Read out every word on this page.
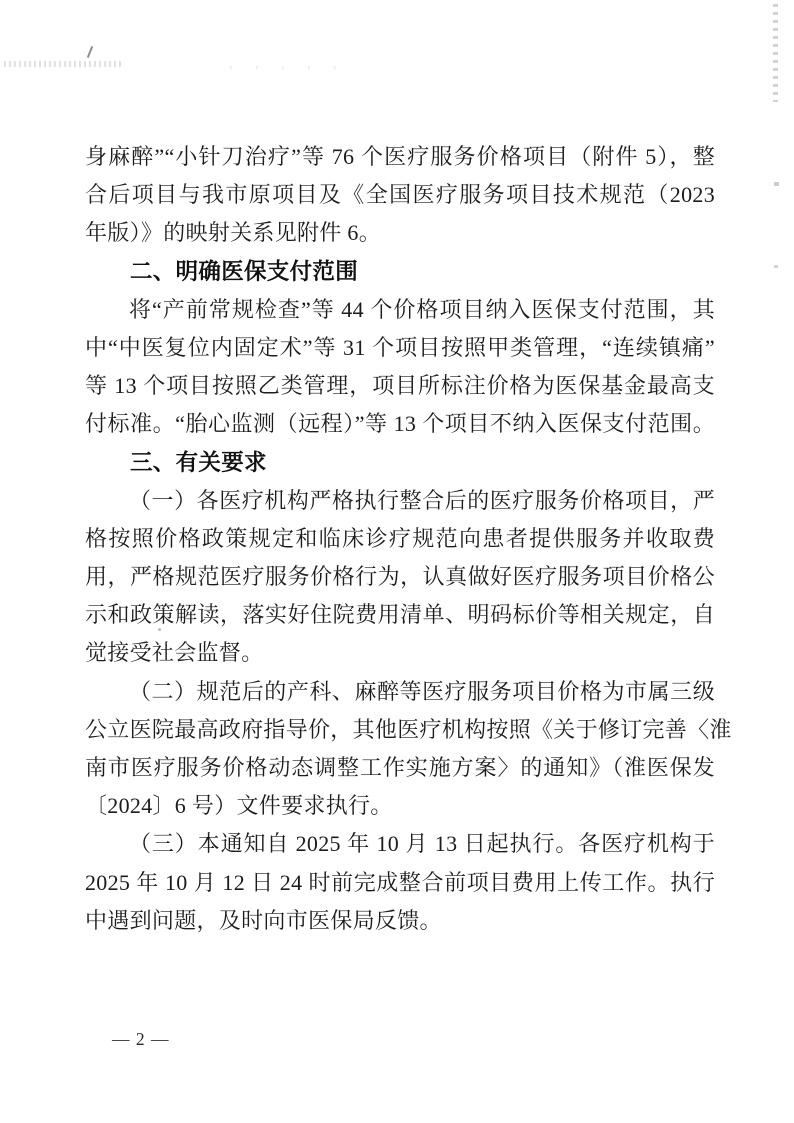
身麻醉”“小针刀治疗”等 76 个医疗服务价格项目（附件 5），整
合后项目与我市原项目及《全国医疗服务项目技术规范（2023
年版）》的映射关系见附件 6。
二、明确医保支付范围
将“产前常规检查”等 44 个价格项目纳入医保支付范围，其
中“中医复位内固定术”等 31 个项目按照甲类管理，“连续镇痛”
等 13 个项目按照乙类管理，项目所标注价格为医保基金最高支
付标准。“胎心监测（远程）”等 13 个项目不纳入医保支付范围。
三、有关要求
（一）各医疗机构严格执行整合后的医疗服务价格项目，严
格按照价格政策规定和临床诊疗规范向患者提供服务并收取费
用，严格规范医疗服务价格行为，认真做好医疗服务项目价格公
示和政策解读，落实好住院费用清单、明码标价等相关规定，自
觉接受社会监督。
（二）规范后的产科、麻醉等医疗服务项目价格为市属三级
公立医院最高政府指导价，其他医疗机构按照《关于修订完善〈淮
南市医疗服务价格动态调整工作实施方案〉的通知》（淮医保发
〔2024〕6 号）文件要求执行。
（三）本通知自 2025 年 10 月 13 日起执行。各医疗机构于
2025 年 10 月 12 日 24 时前完成整合前项目费用上传工作。执行
中遇到问题，及时向市医保局反馈。
— 2 —
